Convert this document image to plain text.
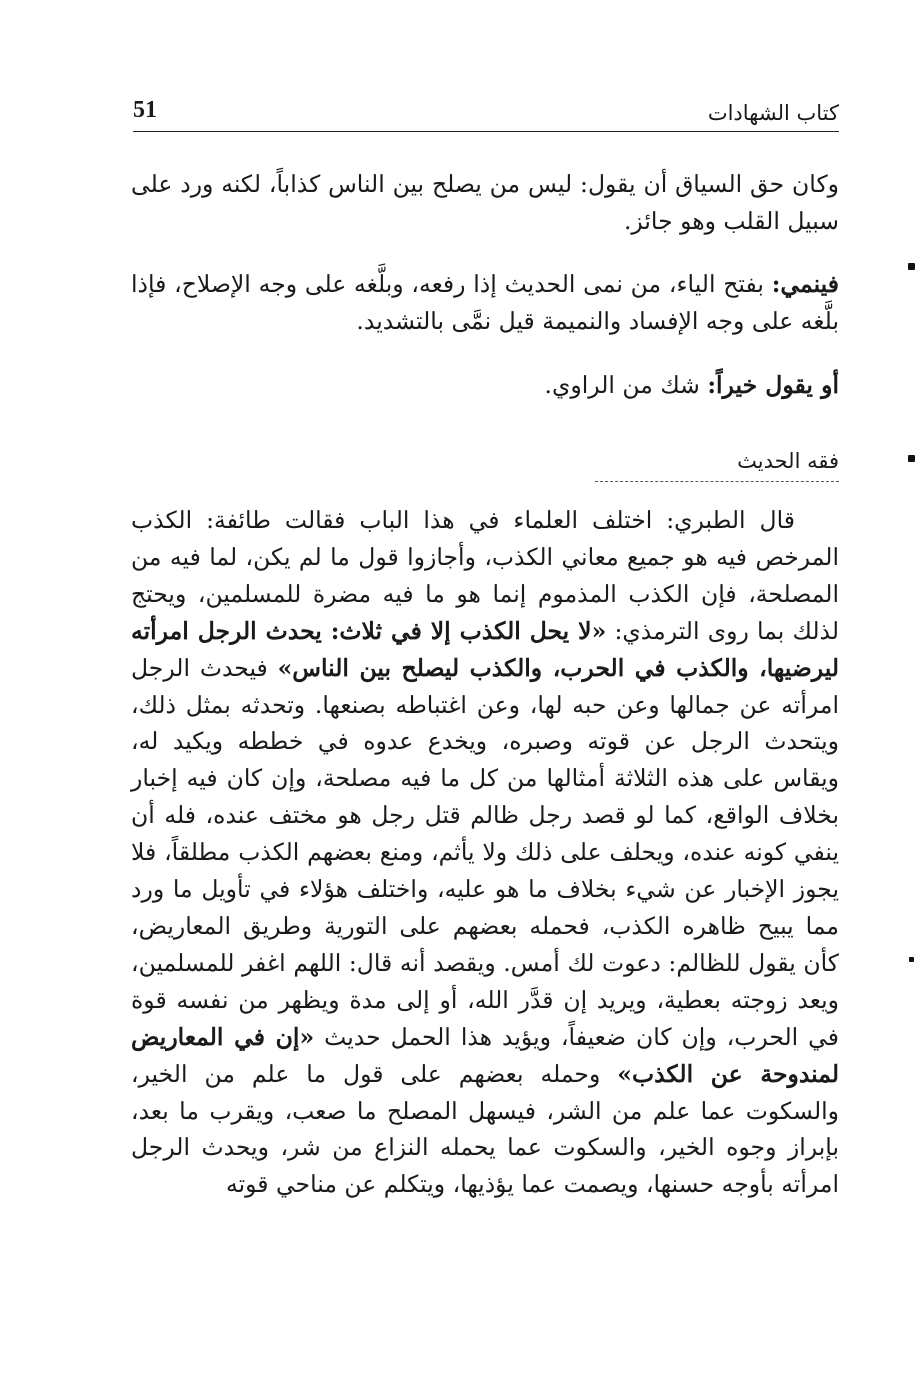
كتاب الشهادات
51

وكان حق السياق أن يقول: ليس من يصلح بين الناس كذاباً، لكنه ورد على سبيل القلب وهو جائز.

فينمي: بفتح الياء، من نمى الحديث إذا رفعه، وبلَّغه على وجه الإصلاح، فإذا بلَّغه على وجه الإفساد والنميمة قيل نمَّى بالتشديد.

أو يقول خيراً: شك من الراوي.

فقه الحديث

قال الطبري: اختلف العلماء في هذا الباب فقالت طائفة: الكذب المرخص فيه هو جميع معاني الكذب، وأجازوا قول ما لم يكن، لما فيه من المصلحة، فإن الكذب المذموم إنما هو ما فيه مضرة للمسلمين، ويحتج لذلك بما روى الترمذي: «لا يحل الكذب إلا في ثلاث: يحدث الرجل امرأته ليرضيها، والكذب في الحرب، والكذب ليصلح بين الناس» فيحدث الرجل امرأته عن جمالها وعن حبه لها، وعن اغتباطه بصنعها. وتحدثه بمثل ذلك، ويتحدث الرجل عن قوته وصبره، ويخدع عدوه في خططه ويكيد له، ويقاس على هذه الثلاثة أمثالها من كل ما فيه مصلحة، وإن كان فيه إخبار بخلاف الواقع، كما لو قصد رجل ظالم قتل رجل هو مختف عنده، فله أن ينفي كونه عنده، ويحلف على ذلك ولا يأثم، ومنع بعضهم الكذب مطلقاً، فلا يجوز الإخبار عن شيء بخلاف ما هو عليه، واختلف هؤلاء في تأويل ما ورد مما يبيح ظاهره الكذب، فحمله بعضهم على التورية وطريق المعاريض، كأن يقول للظالم: دعوت لك أمس. ويقصد أنه قال: اللهم اغفر للمسلمين، ويعد زوجته بعطية، ويريد إن قدَّر الله، أو إلى مدة ويظهر من نفسه قوة في الحرب، وإن كان ضعيفاً، ويؤيد هذا الحمل حديث «إن في المعاريض لمندوحة عن الكذب» وحمله بعضهم على قول ما علم من الخير، والسكوت عما علم من الشر، فيسهل المصلح ما صعب، ويقرب ما بعد، بإبراز وجوه الخير، والسكوت عما يحمله النزاع من شر، ويحدث الرجل امرأته بأوجه حسنها، ويصمت عما يؤذيها، ويتكلم عن مناحي قوته
